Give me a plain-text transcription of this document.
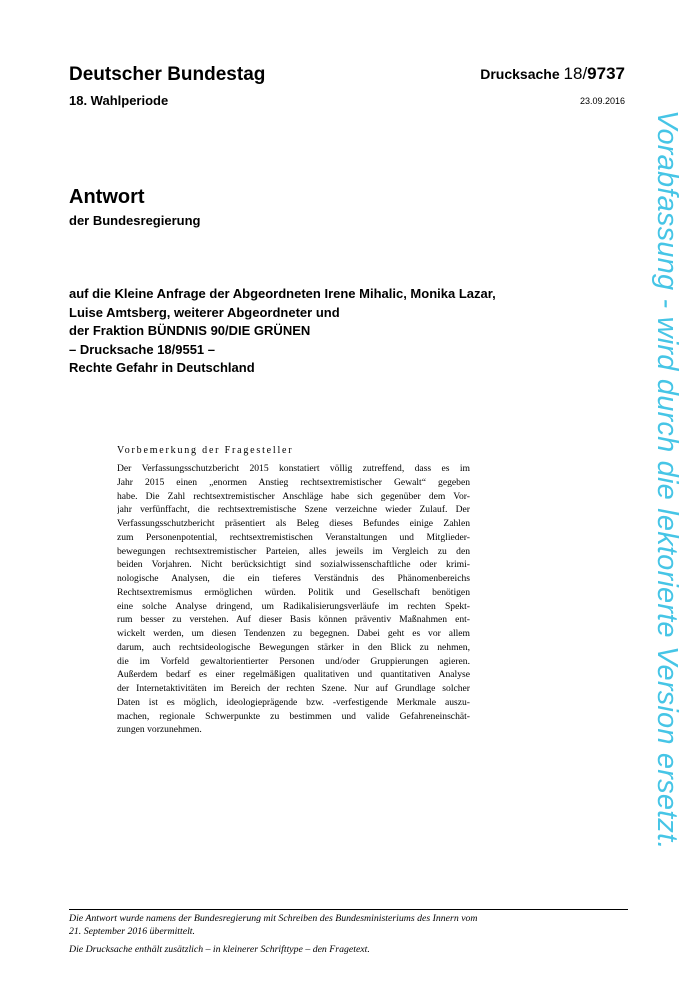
Deutscher Bundestag
18. Wahlperiode
Drucksache 18/9737
23.09.2016
Antwort
der Bundesregierung
auf die Kleine Anfrage der Abgeordneten Irene Mihalic, Monika Lazar,
Luise Amtsberg, weiterer Abgeordneter und
der Fraktion BÜNDNIS 90/DIE GRÜNEN
– Drucksache 18/9551 –
Rechte Gefahr in Deutschland
Vorbemerkung der Fragesteller
Der Verfassungsschutzbericht 2015 konstatiert völlig zutreffend, dass es im
Jahr 2015 einen „enormen Anstieg rechtsextremistischer Gewalt“ gegeben
habe. Die Zahl rechtsextremistischer Anschläge habe sich gegenüber dem Vor-
jahr verfünffacht, die rechtsextremistische Szene verzeichne wieder Zulauf. Der
Verfassungsschutzbericht präsentiert als Beleg dieses Befundes einige Zahlen
zum Personenpotential, rechtsextremistischen Veranstaltungen und Mitglieder-
bewegungen rechtsextremistischer Parteien, alles jeweils im Vergleich zu den
beiden Vorjahren. Nicht berücksichtigt sind sozialwissenschaftliche oder krimi-
nologische Analysen, die ein tieferes Verständnis des Phänomenbereichs
Rechtsextremismus ermöglichen würden. Politik und Gesellschaft benötigen
eine solche Analyse dringend, um Radikalisierungsverläufe im rechten Spekt-
rum besser zu verstehen. Auf dieser Basis können präventiv Maßnahmen ent-
wickelt werden, um diesen Tendenzen zu begegnen. Dabei geht es vor allem
darum, auch rechtsideologische Bewegungen stärker in den Blick zu nehmen,
die im Vorfeld gewaltorientierter Personen und/oder Gruppierungen agieren.
Außerdem bedarf es einer regelmäßigen qualitativen und quantitativen Analyse
der Internetaktivitäten im Bereich der rechten Szene. Nur auf Grundlage solcher
Daten ist es möglich, ideologieprägende bzw. -verfestigende Merkmale auszu-
machen, regionale Schwerpunkte zu bestimmen und valide Gefahreneinschät-
zungen vorzunehmen.
Die Antwort wurde namens der Bundesregierung mit Schreiben des Bundesministeriums des Innern vom
21. September 2016 übermittelt.
Die Drucksache enthält zusätzlich – in kleinerer Schrifttype – den Fragetext.
Vorabfassung - wird durch die lektorierte Version ersetzt.
